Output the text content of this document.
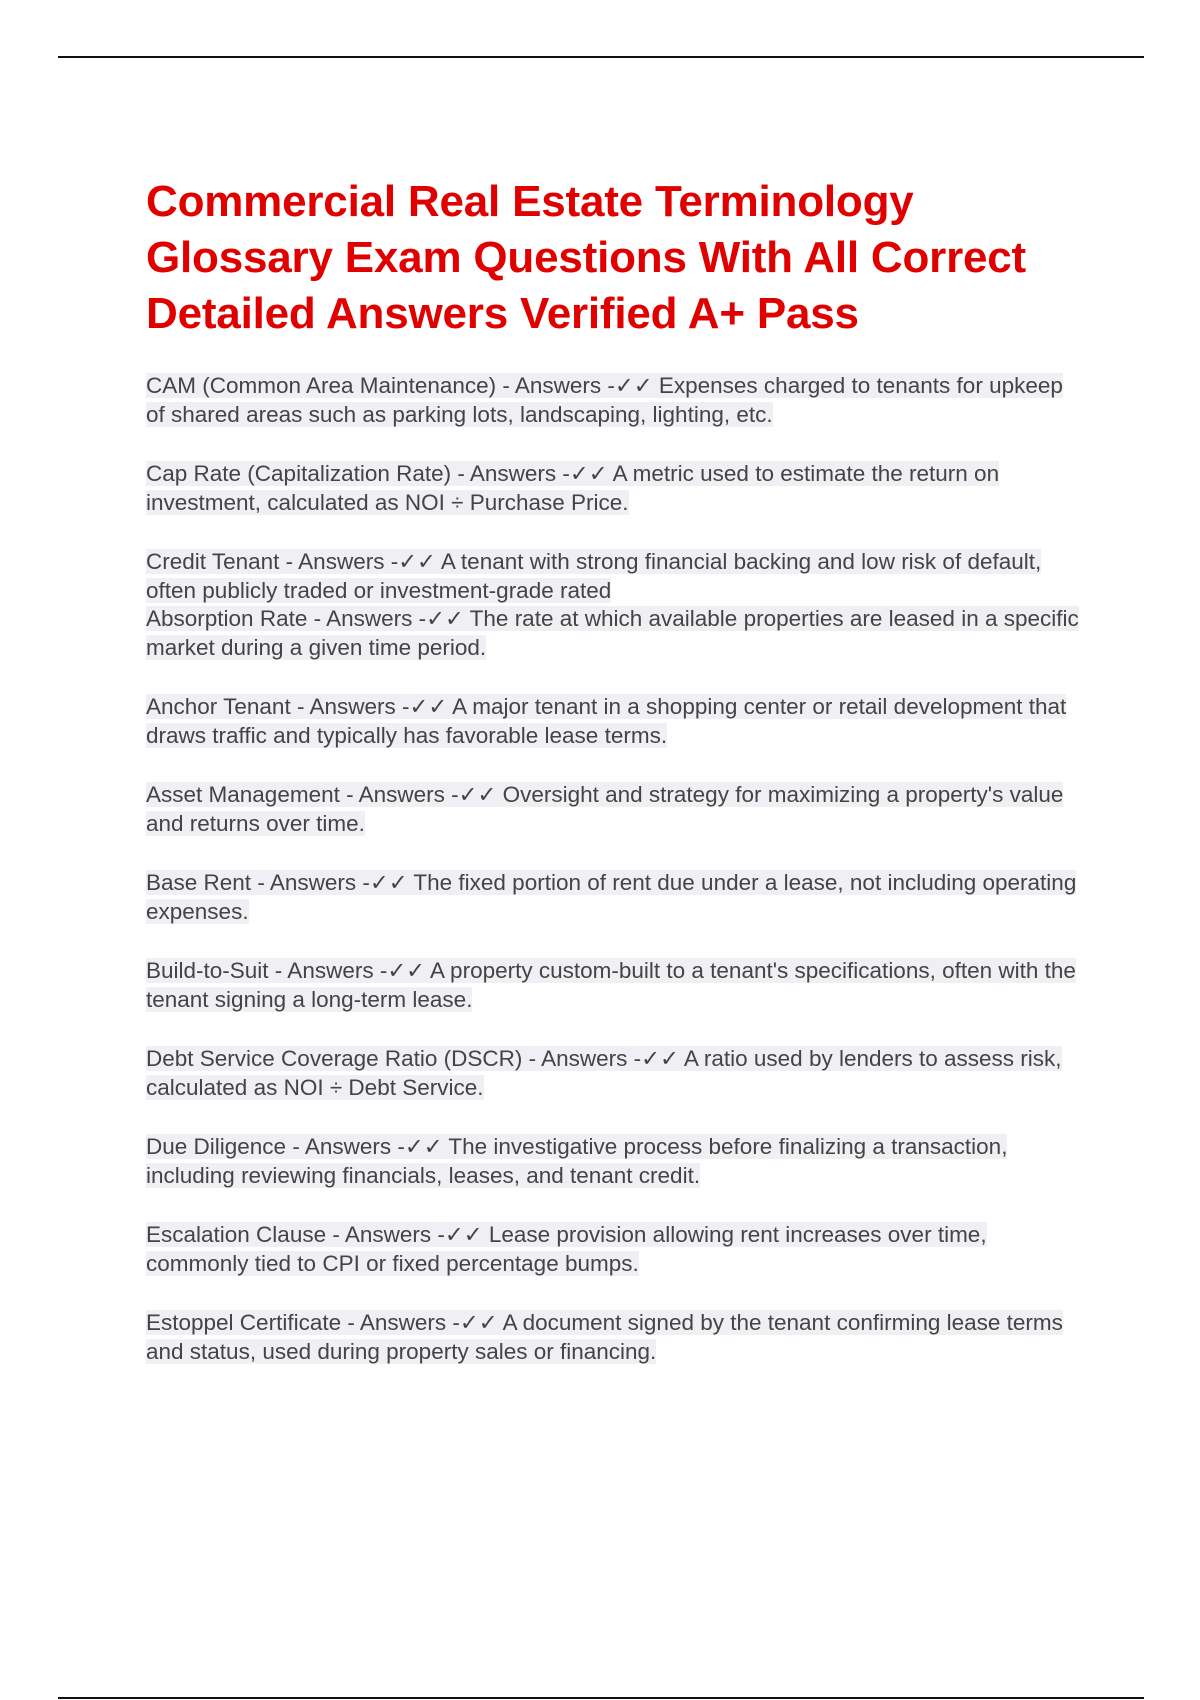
Commercial Real Estate Terminology Glossary Exam Questions With All Correct Detailed Answers Verified A+ Pass
CAM (Common Area Maintenance) - Answers -✓✓ Expenses charged to tenants for upkeep of shared areas such as parking lots, landscaping, lighting, etc.
Cap Rate (Capitalization Rate) - Answers -✓✓ A metric used to estimate the return on investment, calculated as NOI ÷ Purchase Price.
Credit Tenant - Answers -✓✓ A tenant with strong financial backing and low risk of default, often publicly traded or investment-grade rated
Absorption Rate - Answers -✓✓ The rate at which available properties are leased in a specific market during a given time period.
Anchor Tenant - Answers -✓✓ A major tenant in a shopping center or retail development that draws traffic and typically has favorable lease terms.
Asset Management - Answers -✓✓ Oversight and strategy for maximizing a property's value and returns over time.
Base Rent - Answers -✓✓ The fixed portion of rent due under a lease, not including operating expenses.
Build-to-Suit - Answers -✓✓ A property custom-built to a tenant's specifications, often with the tenant signing a long-term lease.
Debt Service Coverage Ratio (DSCR) - Answers -✓✓ A ratio used by lenders to assess risk, calculated as NOI ÷ Debt Service.
Due Diligence - Answers -✓✓ The investigative process before finalizing a transaction, including reviewing financials, leases, and tenant credit.
Escalation Clause - Answers -✓✓ Lease provision allowing rent increases over time, commonly tied to CPI or fixed percentage bumps.
Estoppel Certificate - Answers -✓✓ A document signed by the tenant confirming lease terms and status, used during property sales or financing.
